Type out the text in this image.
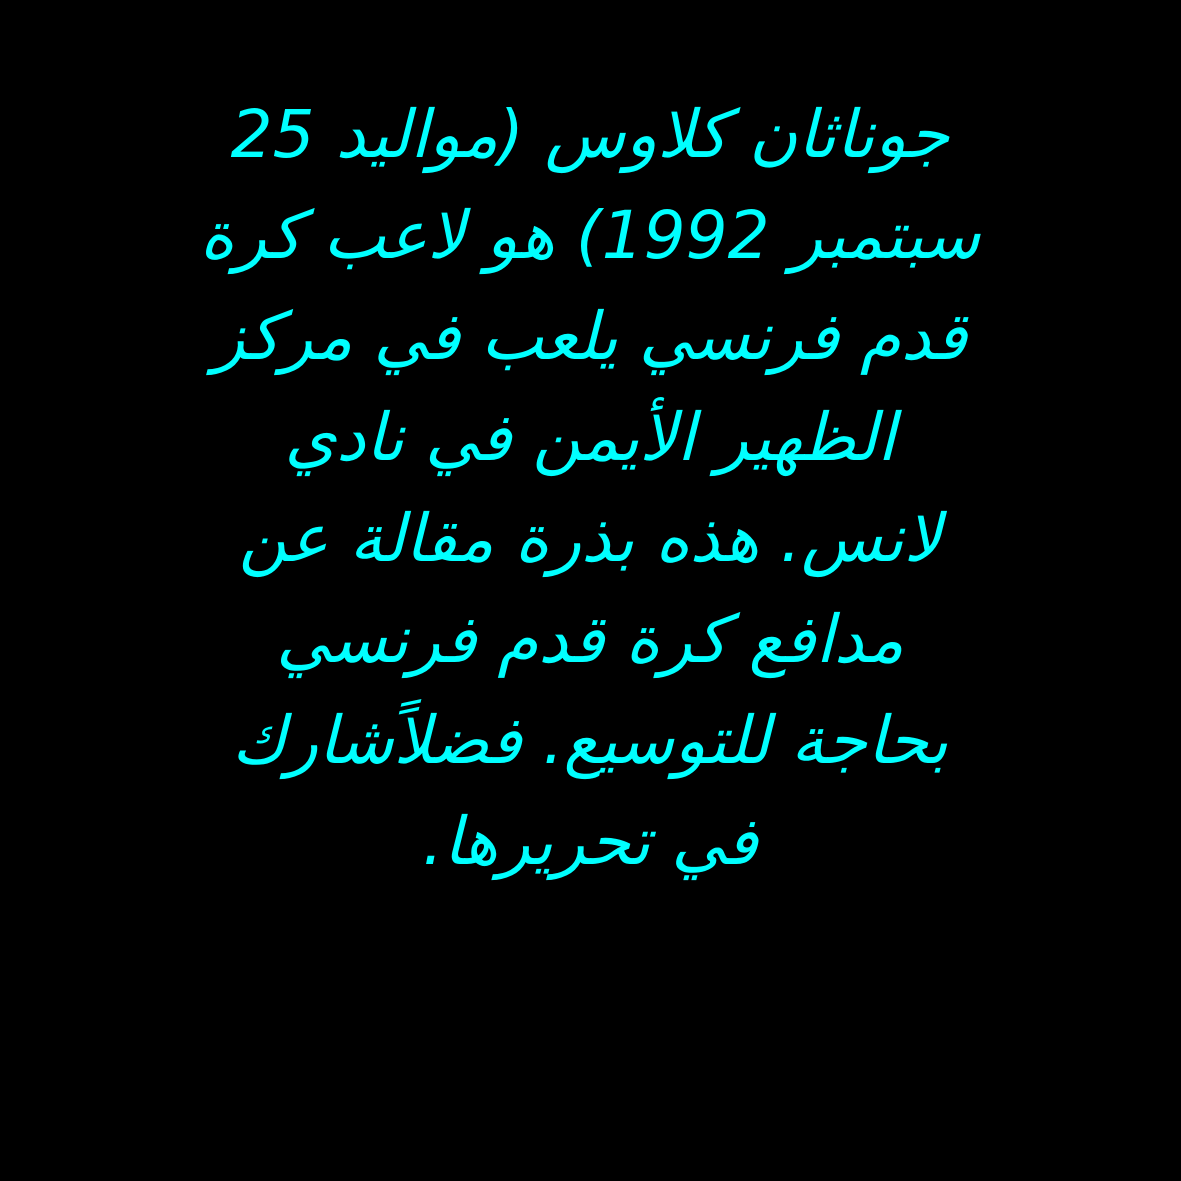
جوناثان كلاوس (مواليد 25
سبتمبر 1992) هو لاعب كرة
قدم فرنسي يلعب في مركز
الظهير الأيمن في نادي
لانس. هذه بذرة مقالة عن
مدافع كرة قدم فرنسي
بحاجة للتوسيع. فضلاًشارك
في تحريرها.
